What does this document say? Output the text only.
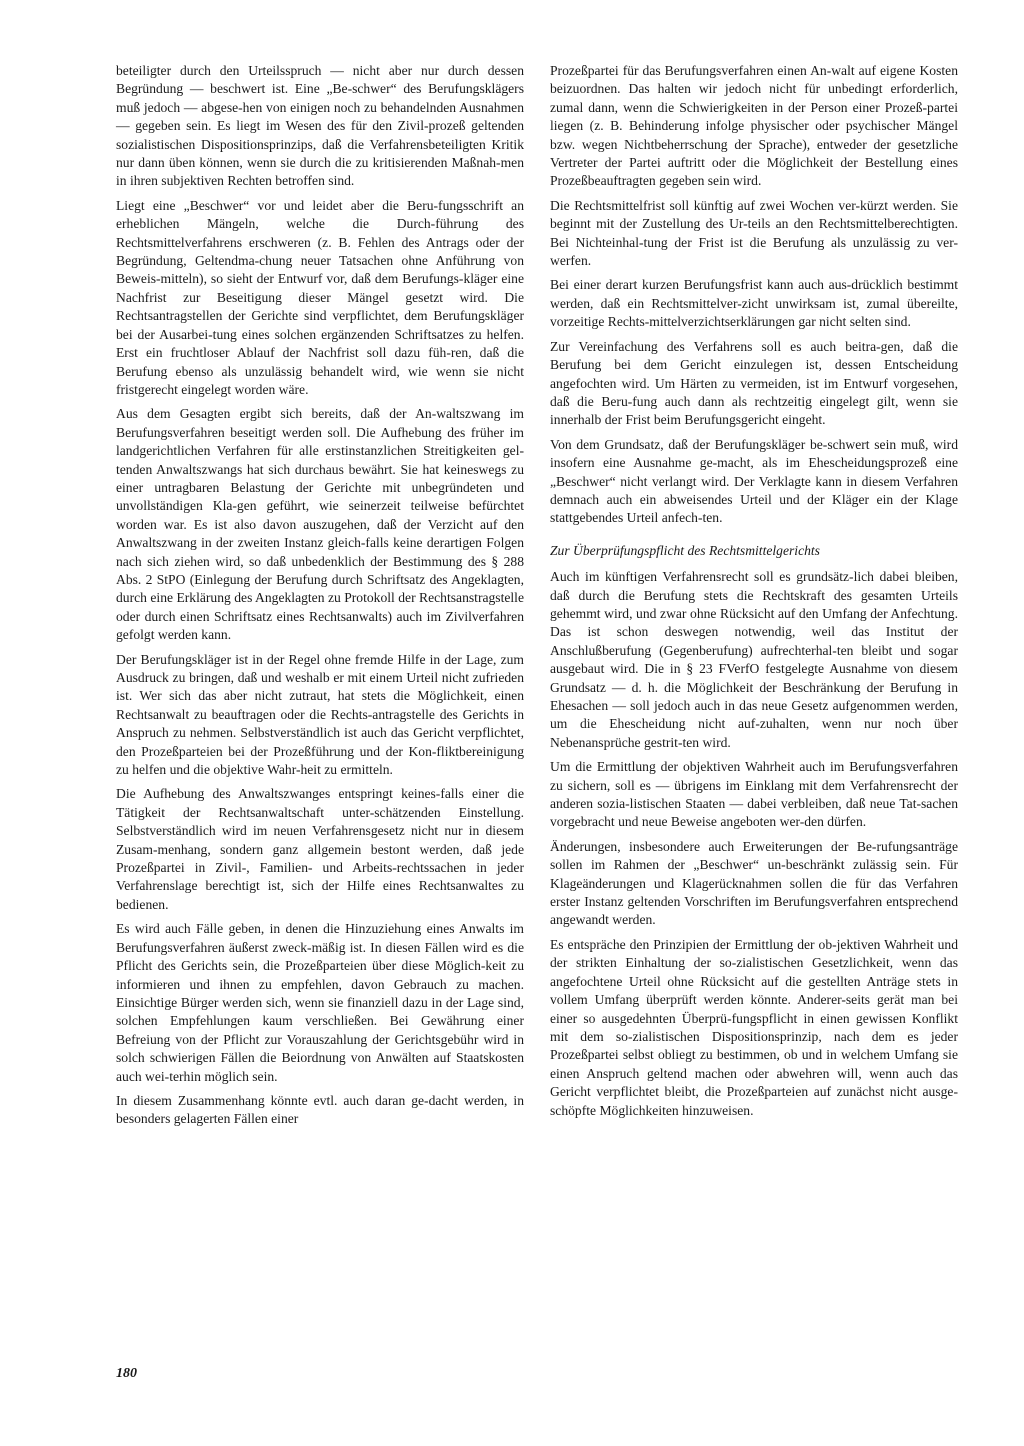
beteiligter durch den Urteilsspruch — nicht aber nur durch dessen Begründung — beschwert ist. Eine „Be-schwer“ des Berufungsklägers muß jedoch — abgese-hen von einigen noch zu behandelnden Ausnahmen — gegeben sein. Es liegt im Wesen des für den Zivil-prozeß geltenden sozialistischen Dispositionsprinzips, daß die Verfahrensbeteiligten Kritik nur dann üben können, wenn sie durch die zu kritisierenden Maßnah-men in ihren subjektiven Rechten betroffen sind.

Liegt eine „Beschwer“ vor und leidet aber die Beru-fungsschrift an erheblichen Mängeln, welche die Durch-führung des Rechtsmittelverfahrens erschweren (z. B. Fehlen des Antrags oder der Begründung, Geltendma-chung neuer Tatsachen ohne Anführung von Beweis-mitteln), so sieht der Entwurf vor, daß dem Berufungs-kläger eine Nachfrist zur Beseitigung dieser Mängel gesetzt wird. Die Rechtsantragstellen der Gerichte sind verpflichtet, dem Berufungskläger bei der Ausarbei-tung eines solchen ergänzenden Schriftsatzes zu helfen. Erst ein fruchtloser Ablauf der Nachfrist soll dazu füh-ren, daß die Berufung ebenso als unzulässig behandelt wird, wie wenn sie nicht fristgerecht eingelegt worden wäre.

Aus dem Gesagten ergibt sich bereits, daß der An-waltszwang im Berufungsverfahren beseitigt werden soll. Die Aufhebung des früher im landgerichtlichen Verfahren für alle erstinstanzlichen Streitigkeiten gel-tenden Anwaltszwangs hat sich durchaus bewährt. Sie hat keineswegs zu einer untragbaren Belastung der Gerichte mit unbegründeten und unvollständigen Kla-gen geführt, wie seinerzeit teilweise befürchtet worden war. Es ist also davon auszugehen, daß der Verzicht auf den Anwaltszwang in der zweiten Instanz gleich-falls keine derartigen Folgen nach sich ziehen wird, so daß unbedenklich der Bestimmung des § 288 Abs. 2 StPO (Einlegung der Berufung durch Schriftsatz des Angeklagten, durch eine Erklärung des Angeklagten zu Protokoll der Rechtsanstragstelle oder durch einen Schriftsatz eines Rechtsanwalts) auch im Zivilverfahren gefolgt werden kann.

Der Berufungskläger ist in der Regel ohne fremde Hilfe in der Lage, zum Ausdruck zu bringen, daß und weshalb er mit einem Urteil nicht zufrieden ist. Wer sich das aber nicht zutraut, hat stets die Möglichkeit, einen Rechtsanwalt zu beauftragen oder die Rechts-antragstelle des Gerichts in Anspruch zu nehmen. Selbstverständlich ist auch das Gericht verpflichtet, den Prozeßparteien bei der Prozeßführung und der Kon-fliktbereinigung zu helfen und die objektive Wahr-heit zu ermitteln.

Die Aufhebung des Anwaltszwanges entspringt keines-falls einer die Tätigkeit der Rechtsanwaltschaft unter-schätzenden Einstellung. Selbstverständlich wird im neuen Verfahrensgesetz nicht nur in diesem Zusam-menhang, sondern ganz allgemein bestont werden, daß jede Prozeßpartei in Zivil-, Familien- und Arbeits-rechtssachen in jeder Verfahrenslage berechtigt ist, sich der Hilfe eines Rechtsanwaltes zu bedienen.

Es wird auch Fälle geben, in denen die Hinzuziehung eines Anwalts im Berufungsverfahren äußerst zweck-mäßig ist. In diesen Fällen wird es die Pflicht des Gerichts sein, die Prozeßparteien über diese Möglich-keit zu informieren und ihnen zu empfehlen, davon Gebrauch zu machen. Einsichtige Bürger werden sich, wenn sie finanziell dazu in der Lage sind, solchen Empfehlungen kaum verschließen. Bei Gewährung einer Befreiung von der Pflicht zur Vorauszahlung der Gerichtsgebühr wird in solch schwierigen Fällen die Beiordnung von Anwälten auf Staatskosten auch wei-terhin möglich sein.

In diesem Zusammenhang könnte evtl. auch daran ge-dacht werden, in besonders gelagerten Fällen einer

Prozeßpartei für das Berufungsverfahren einen An-walt auf eigene Kosten beizuordnen. Das halten wir jedoch nicht für unbedingt erforderlich, zumal dann, wenn die Schwierigkeiten in der Person einer Prozeß-partei liegen (z. B. Behinderung infolge physischer oder psychischer Mängel bzw. wegen Nichtbeherrschung der Sprache), entweder der gesetzliche Vertreter der Partei auftritt oder die Möglichkeit der Bestellung eines Prozeßbeauftragten gegeben sein wird.

Die Rechtsmittelfrist soll künftig auf zwei Wochen ver-kürzt werden. Sie beginnt mit der Zustellung des Ur-teils an den Rechtsmittelberechtigten. Bei Nichteinhal-tung der Frist ist die Berufung als unzulässig zu ver-werfen.

Bei einer derart kurzen Berufungsfrist kann auch aus-drücklich bestimmt werden, daß ein Rechtsmittelver-zicht unwirksam ist, zumal übereilte, vorzeitige Rechts-mittelverzichtserklärungen gar nicht selten sind.

Zur Vereinfachung des Verfahrens soll es auch beitra-gen, daß die Berufung bei dem Gericht einzulegen ist, dessen Entscheidung angefochten wird. Um Härten zu vermeiden, ist im Entwurf vorgesehen, daß die Beru-fung auch dann als rechtzeitig eingelegt gilt, wenn sie innerhalb der Frist beim Berufungsgericht eingeht.

Von dem Grundsatz, daß der Berufungskläger be-schwert sein muß, wird insofern eine Ausnahme ge-macht, als im Ehescheidungsprozeß eine „Beschwer“ nicht verlangt wird. Der Verklagte kann in diesem Verfahren demnach auch ein abweisendes Urteil und der Kläger ein der Klage stattgebendes Urteil anfech-ten.

Zur Überprüfungspflicht des Rechtsmittelgerichts

Auch im künftigen Verfahrensrecht soll es grundsätz-lich dabei bleiben, daß durch die Berufung stets die Rechtskraft des gesamten Urteils gehemmt wird, und zwar ohne Rücksicht auf den Umfang der Anfechtung. Das ist schon deswegen notwendig, weil das Institut der Anschlußberufung (Gegenberufung) aufrechterhal-ten bleibt und sogar ausgebaut wird. Die in § 23 FVerfO festgelegte Ausnahme von diesem Grundsatz — d. h. die Möglichkeit der Beschränkung der Berufung in Ehesachen — soll jedoch auch in das neue Gesetz aufgenommen werden, um die Ehescheidung nicht auf-zuhalten, wenn nur noch über Nebenansprüche gestrit-ten wird.

Um die Ermittlung der objektiven Wahrheit auch im Berufungsverfahren zu sichern, soll es — übrigens im Einklang mit dem Verfahrensrecht der anderen sozia-listischen Staaten — dabei verbleiben, daß neue Tat-sachen vorgebracht und neue Beweise angeboten wer-den dürfen.

Änderungen, insbesondere auch Erweiterungen der Be-rufungsanträge sollen im Rahmen der „Beschwer“ un-beschränkt zulässig sein. Für Klageänderungen und Klagerücknahmen sollen die für das Verfahren erster Instanz geltenden Vorschriften im Berufungsverfahren entsprechend angewandt werden.

Es entspräche den Prinzipien der Ermittlung der ob-jektiven Wahrheit und der strikten Einhaltung der so-zialistischen Gesetzlichkeit, wenn das angefochtene Urteil ohne Rücksicht auf die gestellten Anträge stets in vollem Umfang überprüft werden könnte. Anderer-seits gerät man bei einer so ausgedehnten Überprü-fungspflicht in einen gewissen Konflikt mit dem so-zialistischen Dispositionsprinzip, nach dem es jeder Prozeßpartei selbst obliegt zu bestimmen, ob und in welchem Umfang sie einen Anspruch geltend machen oder abwehren will, wenn auch das Gericht verpflichtet bleibt, die Prozeßparteien auf zunächst nicht ausge-schöpfte Möglichkeiten hinzuweisen.

180
